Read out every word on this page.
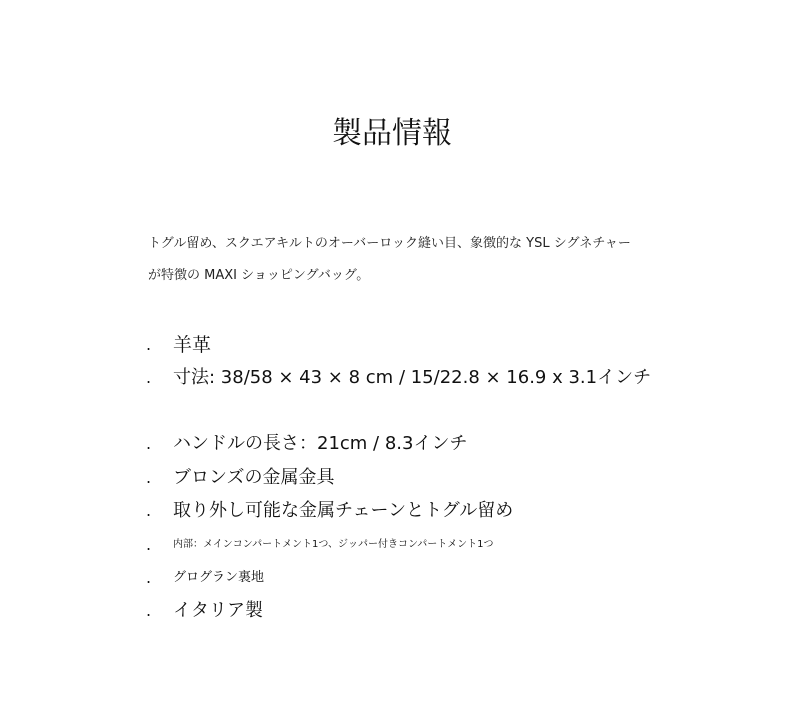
製品情報

トグル留め、スクエアキルトのオーバーロック縫い目、象徴的な YSL シグネチャー

が特徴の MAXI ショッピングバッグ。

.	羊革
.	寸法: 38/58 × 43 × 8 cm / 15/22.8 × 16.9 x 3.1インチ
.	ハンドルの長さ：21cm / 8.3インチ
.	ブロンズの金属金具
.	取り外し可能な金属チェーンとトグル留め
.	内部：メインコンパートメント1つ、ジッパー付きコンパートメント1つ
.	グログラン裏地
.	イタリア製
